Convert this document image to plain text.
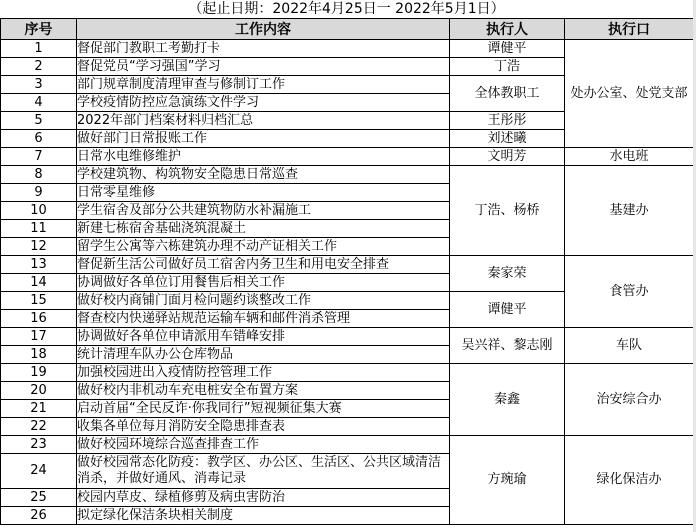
（起止日期：2022年4月25日一 2022年5月1日）
序号	工作内容	执行人	执行口
1	督促部门教职工考勤打卡	谭健平	处办公室、处党支部
2	督促党员“学习强国”学习	丁浩	
3	部门规章制度清理审查与修制订工作	全体教职工	
4	学校疫情防控应急演练文件学习		
5	2022年部门档案材料归档汇总	王彤彤	
6	做好部门日常报账工作	刘述曦	
7	日常水电维修维护	文明芳	水电班
8	学校建筑物、构筑物安全隐患日常巡查	丁浩、杨桥	基建办
9	日常零星维修		
10	学生宿舍及部分公共建筑物防水补漏施工		
11	新建七栋宿舍基础浇筑混凝土		
12	留学生公寓等六栋建筑办理不动产证相关工作		
13	督促新生活公司做好员工宿舍内务卫生和用电安全排查	秦家荣	食管办
14	协调做好各单位订用餐售后相关工作		
15	做好校内商铺门面月检问题约谈整改工作	谭健平	
16	督查校内快递驿站规范运输车辆和邮件消杀管理		
17	协调做好各单位申请派用车错峰安排	吴兴祥、黎志刚	车队
18	统计清理车队办公仓库物品		
19	加强校园进出入疫情防控管理工作	秦鑫	治安综合办
20	做好校内非机动车充电桩安全布置方案		
21	启动首届“全民反诈·你我同行”短视频征集大赛		
22	收集各单位每月消防安全隐患排查表		
23	做好校园环境综合巡查排查工作	方琬瑜	绿化保洁办
24	做好校园常态化防疫：教学区、办公区、生活区、公共区域清洁消杀，并做好通风、消毒记录		
25	校园内草皮、绿植修剪及病虫害防治		
26	拟定绿化保洁条块相关制度		
